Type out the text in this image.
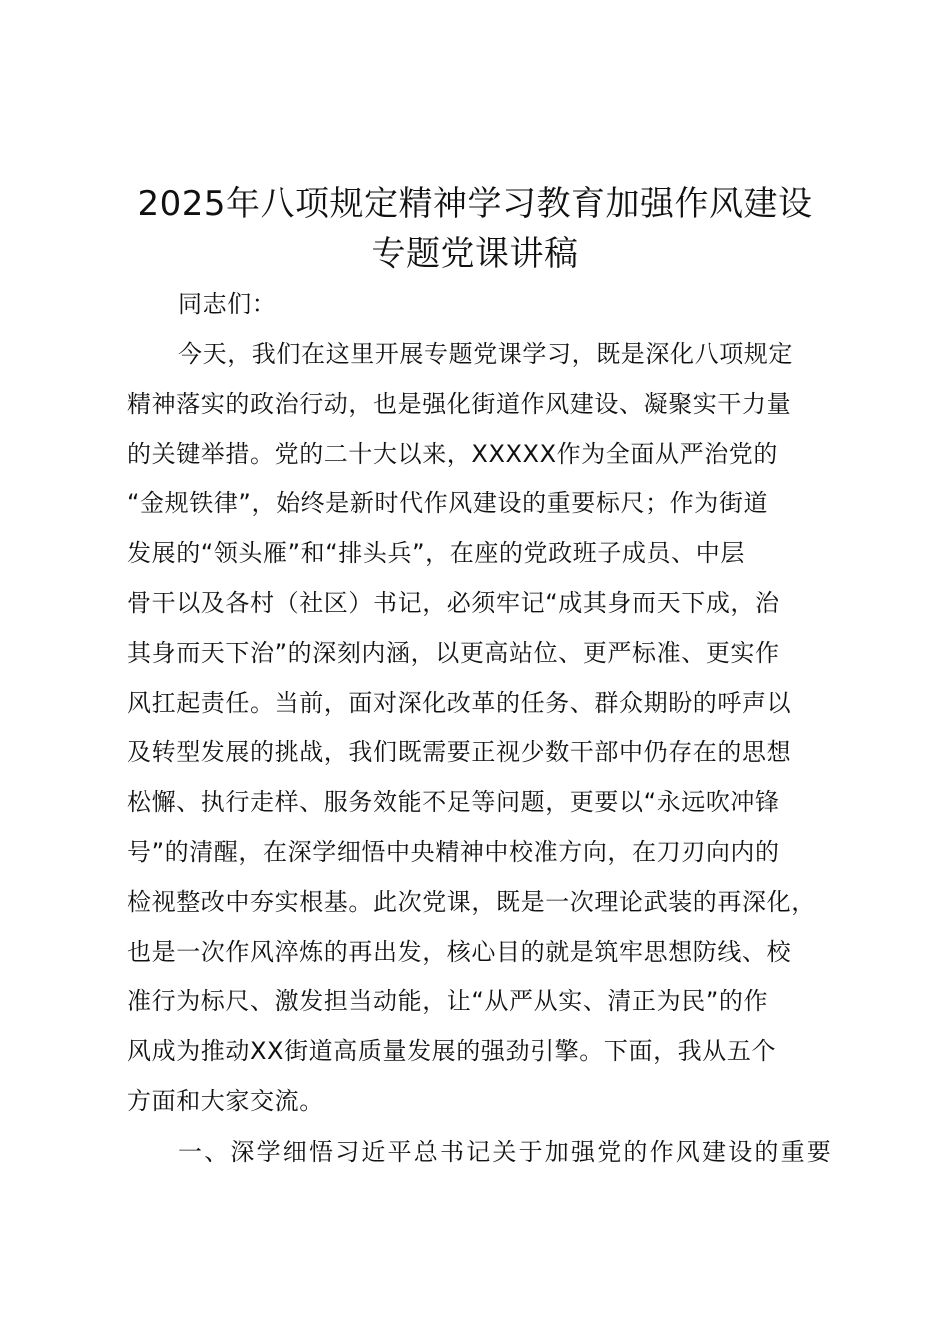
2025年八项规定精神学习教育加强作风建设
专题党课讲稿
同志们：
今天，我们在这里开展专题党课学习，既是深化八项规定
精神落实的政治行动，也是强化街道作风建设、凝聚实干力量
的关键举措。党的二十大以来，XXXXX作为全面从严治党的
“金规铁律”，始终是新时代作风建设的重要标尺；作为街道
发展的“领头雁”和“排头兵”，在座的党政班子成员、中层
骨干以及各村（社区）书记，必须牢记“成其身而天下成，治
其身而天下治”的深刻内涵，以更高站位、更严标准、更实作
风扛起责任。当前，面对深化改革的任务、群众期盼的呼声以
及转型发展的挑战，我们既需要正视少数干部中仍存在的思想
松懈、执行走样、服务效能不足等问题，更要以“永远吹冲锋
号”的清醒，在深学细悟中央精神中校准方向，在刀刃向内的
检视整改中夯实根基。此次党课，既是一次理论武装的再深化，
也是一次作风淬炼的再出发，核心目的就是筑牢思想防线、校
准行为标尺、激发担当动能，让“从严从实、清正为民”的作
风成为推动XX街道高质量发展的强劲引擎。下面，我从五个
方面和大家交流。
一、深学细悟习近平总书记关于加强党的作风建设的重要
